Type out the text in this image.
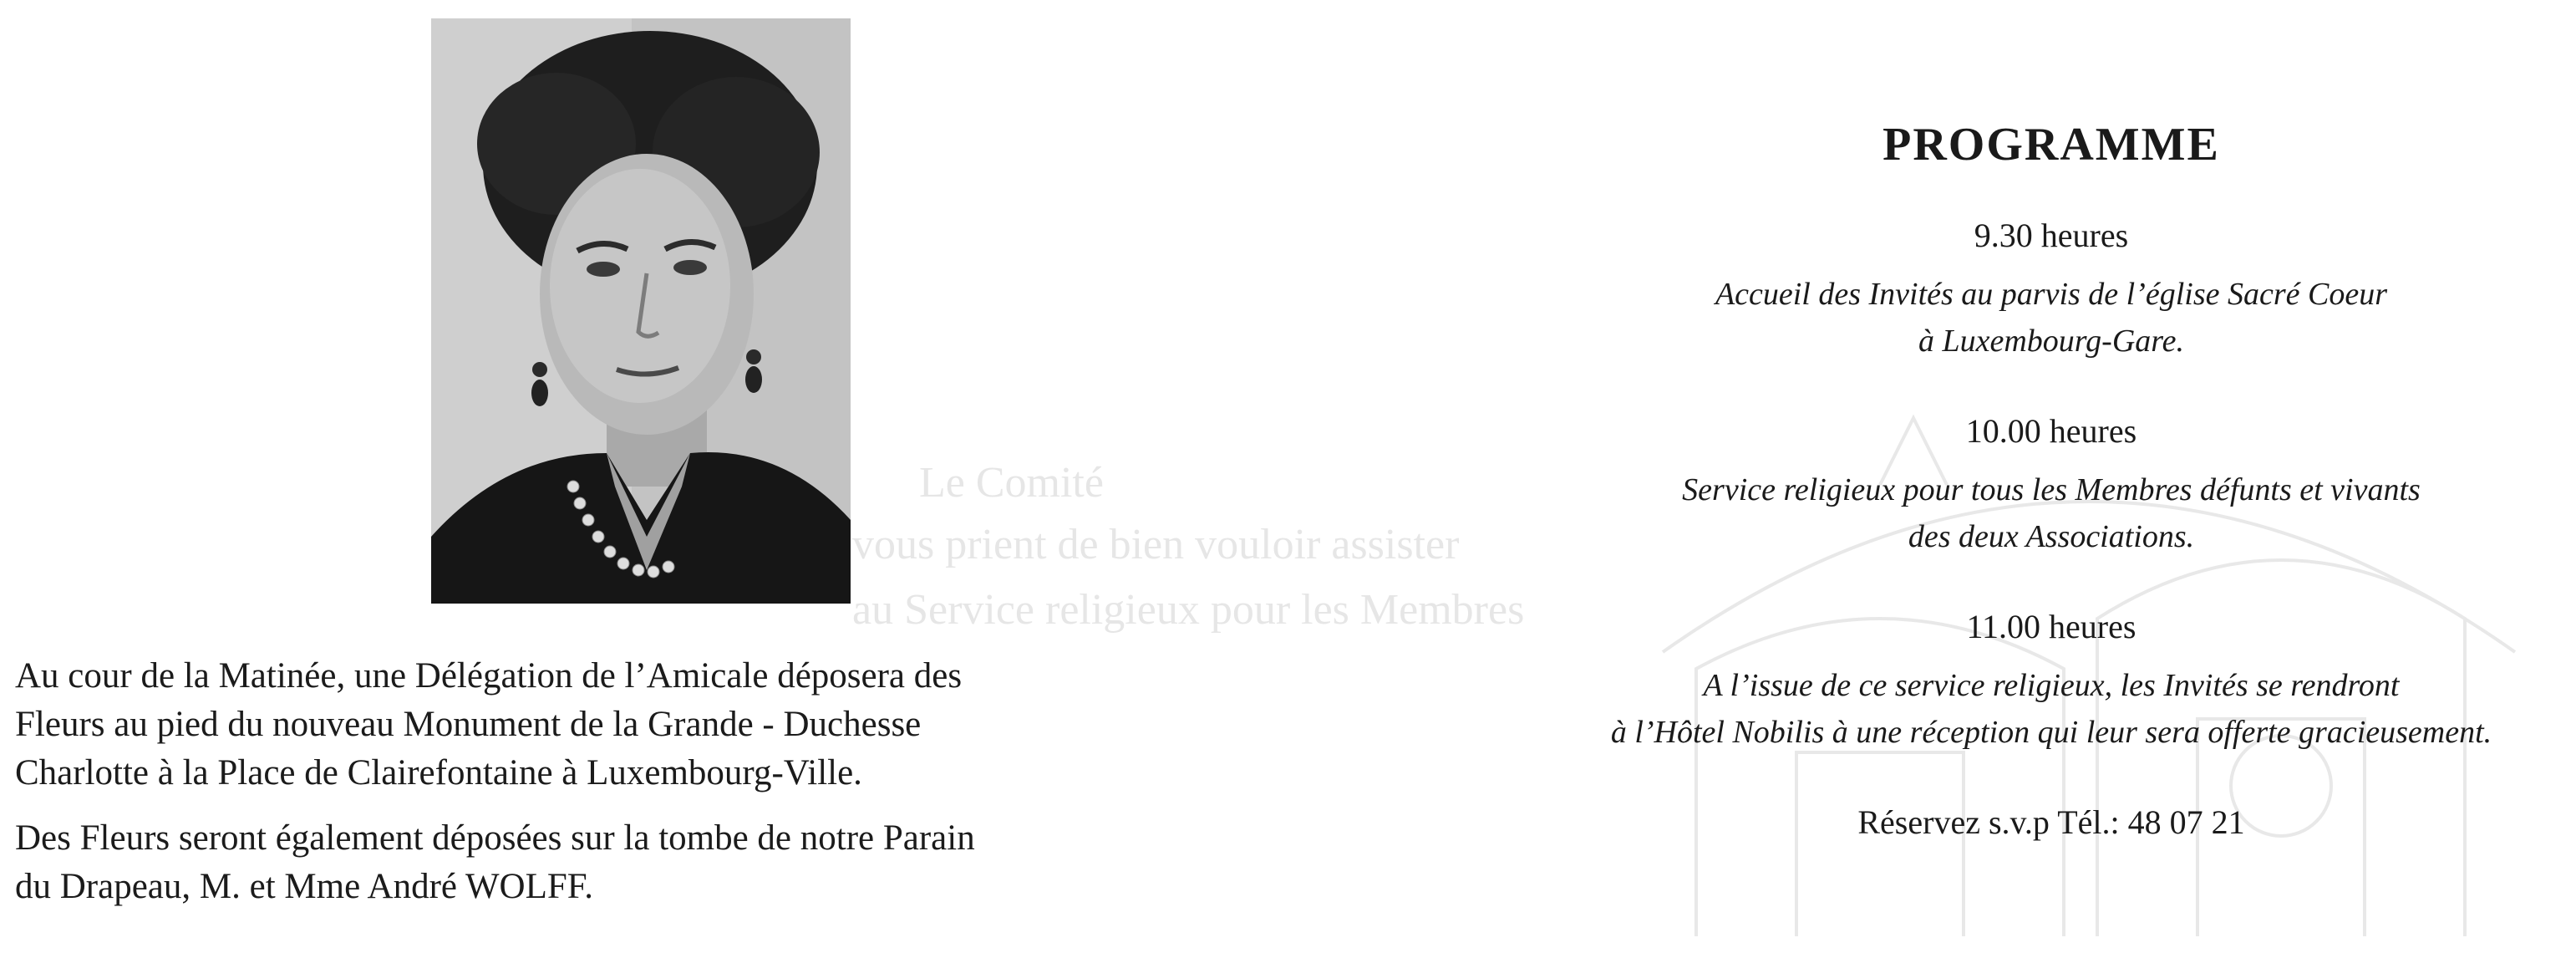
Le Comité
vous prient de bien vouloir assister
au Service religieux pour les Membres

Au cour de la Matinée, une Délégation de l’Amicale déposera des
Fleurs au pied du nouveau Monument de la Grande - Duchesse
Charlotte à la Place de Clairefontaine à Luxembourg-Ville.

Des Fleurs seront également déposées sur la tombe de notre Parain
du Drapeau, M. et Mme André WOLFF.

PROGRAMME
9.30 heures
Accueil des Invités au parvis de l’église Sacré Coeur
à Luxembourg-Gare.
10.00 heures
Service religieux pour tous les Membres défunts et vivants
des deux Associations.
11.00 heures
A l’issue de ce service religieux, les Invités se rendront
à l’Hôtel Nobilis à une réception qui leur sera offerte gracieusement.
Réservez s.v.p Tél.: 48 07 21
